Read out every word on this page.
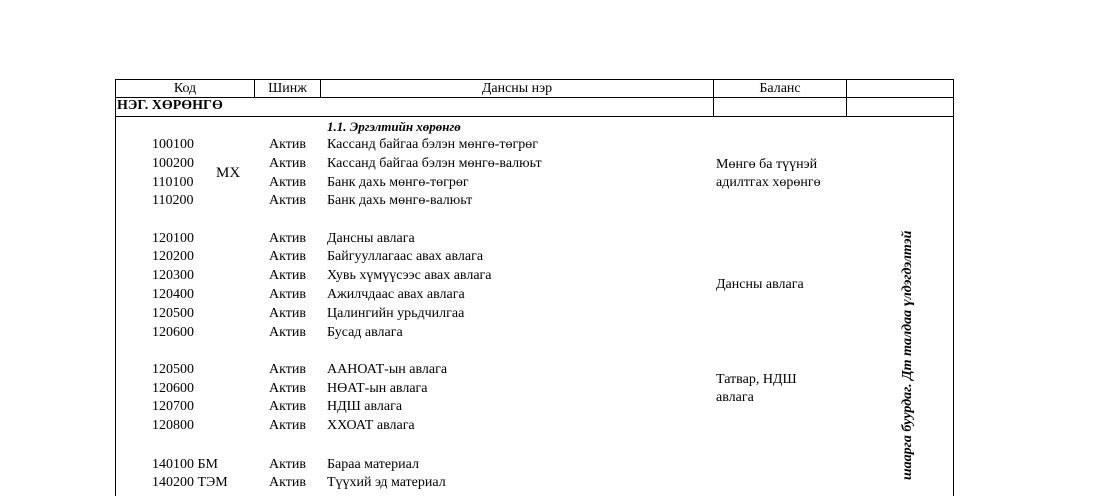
Код	Шинж	Дансны нэр	Баланс
НЭГ. ХӨРӨНГӨ
1.1. Эргэлтийн хөрөнгө
100100	Актив Кассанд байгаа бэлэн мөнгө-төгрөг
100200	Актив Кассанд байгаа бэлэн мөнгө-валюьт
110100	Актив Банк дахь мөнгө-төгрөг
110200	Актив Банк дахь мөнгө-валюьт
МХ
Мөнгө ба түүнэй адилтгах хөрөнгө
120100	Актив Дансны авлага
120200	Актив Байгууллагаас авах авлага
120300	Актив Хувь хүмүүсээс авах авлага
120400	Актив Ажилчдаас авах авлага
120500	Актив Цалингийн урьдчилгаа
120600	Актив Бусад авлага
Дансны авлага
120500	Актив ААНОАТ-ын авлага
120600	Актив НӨАТ-ын авлага
120700	Актив НДШ авлага
120800	Актив ХХОАТ авлага
Татвар, НДШ авлага
140100 БМ	Актив Бараа материал
140200 ТЭМ	Актив Түүхий эд материал
шаарга буурдаг. Дт талдаа үлдэгдэлтэй
